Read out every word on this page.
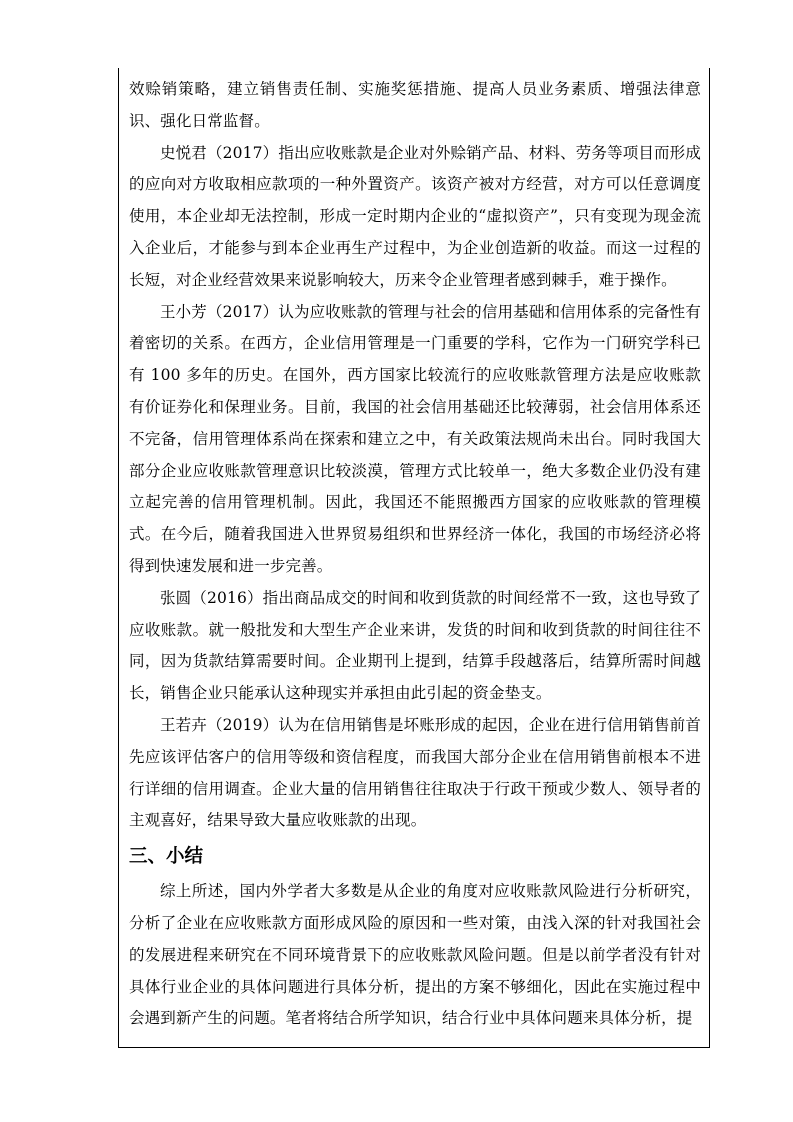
效赊销策略，建立销售责任制、实施奖惩措施、提高人员业务素质、增强法律意识、强化日常监督。

史悦君（2017）指出应收账款是企业对外赊销产品、材料、劳务等项目而形成的应向对方收取相应款项的一种外置资产。该资产被对方经营，对方可以任意调度使用，本企业却无法控制，形成一定时期内企业的“虚拟资产”，只有变现为现金流入企业后，才能参与到本企业再生产过程中，为企业创造新的收益。而这一过程的长短，对企业经营效果来说影响较大，历来令企业管理者感到棘手，难于操作。

王小芳（2017）认为应收账款的管理与社会的信用基础和信用体系的完备性有着密切的关系。在西方，企业信用管理是一门重要的学科，它作为一门研究学科已有 100 多年的历史。在国外，西方国家比较流行的应收账款管理方法是应收账款有价证券化和保理业务。目前，我国的社会信用基础还比较薄弱，社会信用体系还不完备，信用管理体系尚在探索和建立之中，有关政策法规尚未出台。同时我国大部分企业应收账款管理意识比较淡漠，管理方式比较单一，绝大多数企业仍没有建立起完善的信用管理机制。因此，我国还不能照搬西方国家的应收账款的管理模式。在今后，随着我国进入世界贸易组织和世界经济一体化，我国的市场经济必将得到快速发展和进一步完善。

张圆（2016）指出商品成交的时间和收到货款的时间经常不一致，这也导致了应收账款。就一般批发和大型生产企业来讲，发货的时间和收到货款的时间往往不同，因为货款结算需要时间。企业期刊上提到，结算手段越落后，结算所需时间越长，销售企业只能承认这种现实并承担由此引起的资金垫支。

王若卉（2019）认为在信用销售是坏账形成的起因，企业在进行信用销售前首先应该评估客户的信用等级和资信程度，而我国大部分企业在信用销售前根本不进行详细的信用调查。企业大量的信用销售往往取决于行政干预或少数人、领导者的主观喜好，结果导致大量应收账款的出现。

三、小结

综上所述，国内外学者大多数是从企业的角度对应收账款风险进行分析研究，分析了企业在应收账款方面形成风险的原因和一些对策，由浅入深的针对我国社会的发展进程来研究在不同环境背景下的应收账款风险问题。但是以前学者没有针对具体行业企业的具体问题进行具体分析，提出的方案不够细化，因此在实施过程中会遇到新产生的问题。笔者将结合所学知识，结合行业中具体问题来具体分析，提
